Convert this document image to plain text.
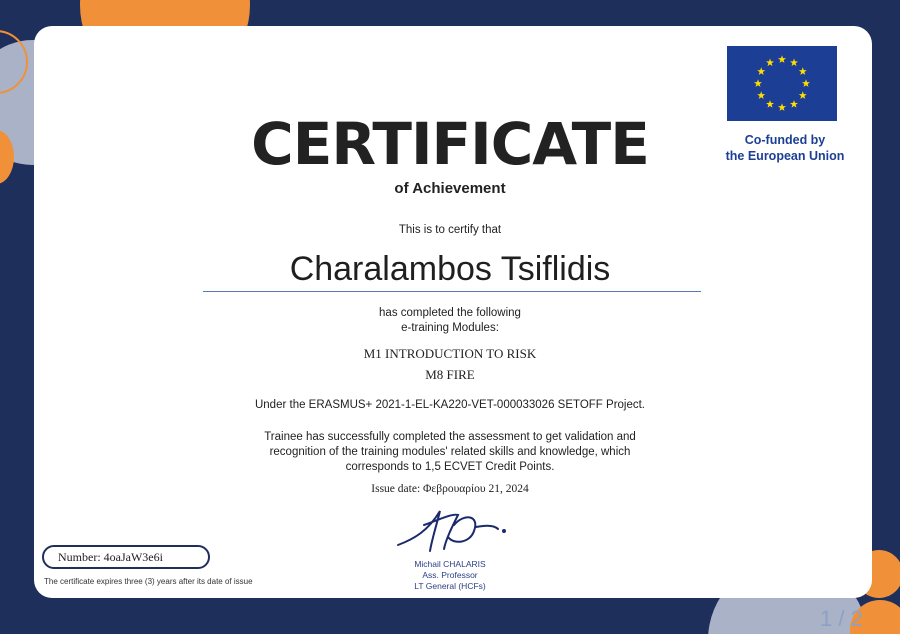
Co-funded by
the European Union
CERTIFICATE
of Achievement
This is to certify that
Charalambos Tsiflidis
has completed the following
e-training Modules:
M1 INTRODUCTION TO RISK
M8 FIRE
Under the ERASMUS+ 2021-1-EL-KA220-VET-000033026 SETOFF Project.
Trainee has successfully completed the assessment to get validation and
recognition of the training modules' related skills and knowledge, which
corresponds to 1,5 ECVET Credit Points.
Issue date: Φεβρουαρίου 21, 2024
Michail CHALARIS
Ass. Professor
LT General (HCFs)
Number: 4oaJaW3e6i
The certificate expires three (3) years after its date of issue
1 / 2
